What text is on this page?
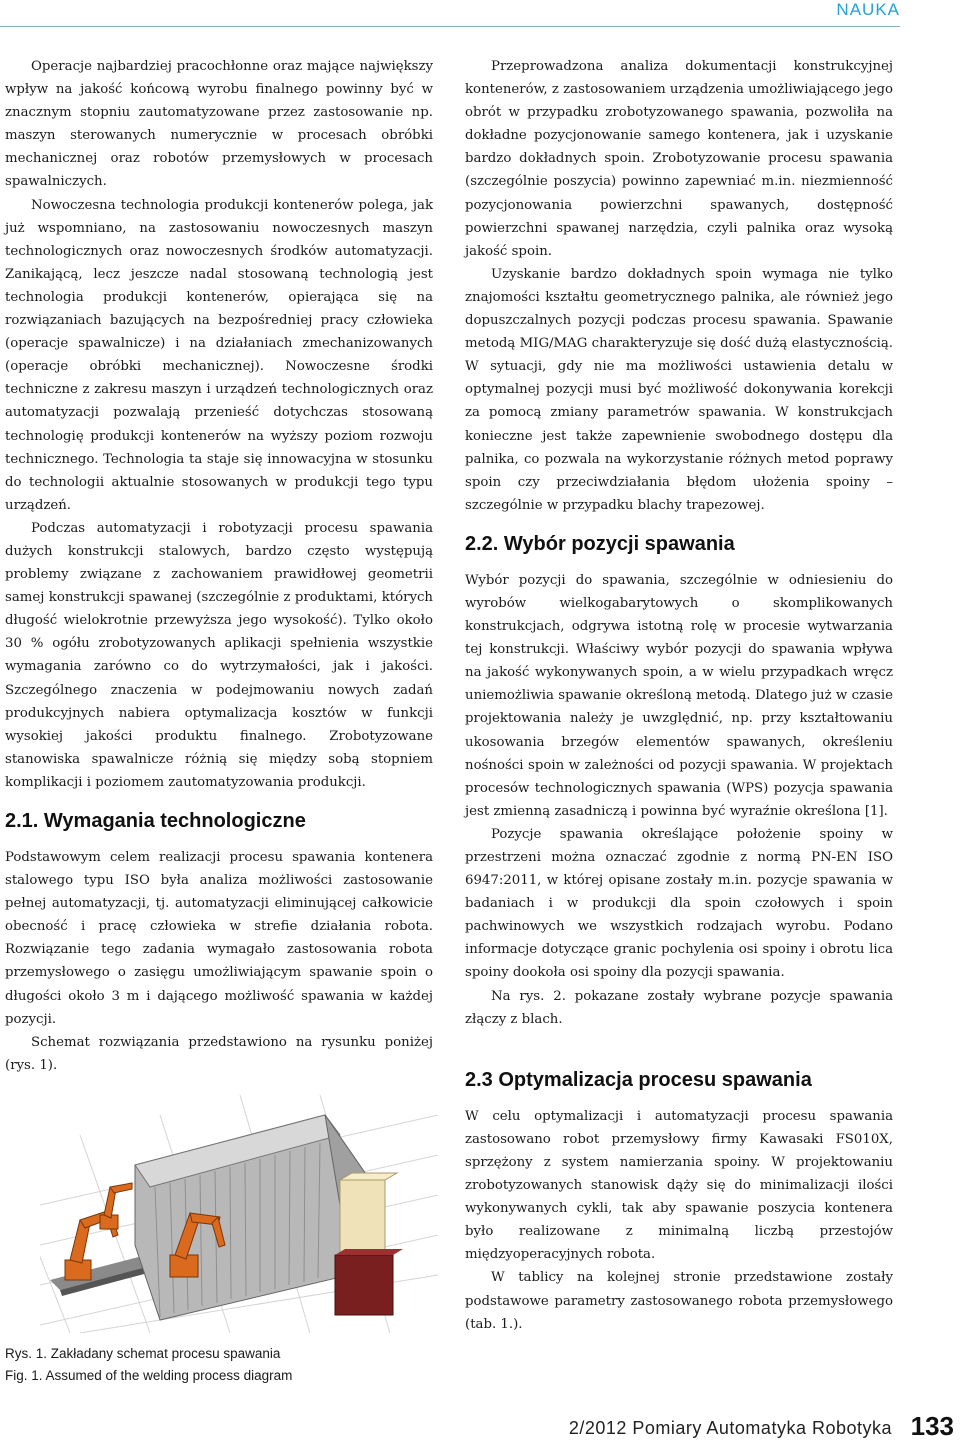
NAUKA

Operacje najbardziej pracochłonne oraz mające największy wpływ na jakość końcową wyrobu finalnego powinny być w znacznym stopniu zautomatyzowane przez zastosowanie np. maszyn sterowanych numerycznie w procesach obróbki mechanicznej oraz robotów przemysłowych w procesach spawalniczych.

Nowoczesna technologia produkcji kontenerów polega, jak już wspomniano, na zastosowaniu nowoczesnych maszyn technologicznych oraz nowoczesnych środków automatyzacji. Zanikającą, lecz jeszcze nadal stosowaną technologią jest technologia produkcji kontenerów, opierająca się na rozwiązaniach bazujących na bezpośredniej pracy człowieka (operacje spawalnicze) i na działaniach zmechanizowanych (operacje obróbki mechanicznej). Nowoczesne środki techniczne z zakresu maszyn i urządzeń technologicznych oraz automatyzacji pozwalają przenieść dotychczas stosowaną technologię produkcji kontenerów na wyższy poziom rozwoju technicznego. Technologia ta staje się innowacyjna w stosunku do technologii aktualnie stosowanych w produkcji tego typu urządzeń.

Podczas automatyzacji i robotyzacji procesu spawania dużych konstrukcji stalowych, bardzo często występują problemy związane z zachowaniem prawidłowej geometrii samej konstrukcji spawanej (szczególnie z produktami, których długość wielokrotnie przewyższa jego wysokość). Tylko około 30 % ogółu zrobotyzowanych aplikacji spełnienia wszystkie wymagania zarówno co do wytrzymałości, jak i jakości. Szczególnego znaczenia w podejmowaniu nowych zadań produkcyjnych nabiera optymalizacja kosztów w funkcji wysokiej jakości produktu finalnego. Zrobotyzowane stanowiska spawalnicze różnią się między sobą stopniem komplikacji i poziomem zautomatyzowania produkcji.

2.1. Wymagania technologiczne

Podstawowym celem realizacji procesu spawania kontenera stalowego typu ISO była analiza możliwości zastosowanie pełnej automatyzacji, tj. automatyzacji eliminującej całkowicie obecność i pracę człowieka w strefie działania robota. Rozwiązanie tego zadania wymagało zastosowania robota przemysłowego o zasięgu umożliwiającym spawanie spoin o długości około 3 m i dającego możliwość spawania w każdej pozycji.

Schemat rozwiązania przedstawiono na rysunku poniżej (rys. 1).

Rys. 1. Zakładany schemat procesu spawania
Fig. 1. Assumed of the welding process diagram

Przeprowadzona analiza dokumentacji konstrukcyjnej kontenerów, z zastosowaniem urządzenia umożliwiającego jego obrót w przypadku zrobotyzowanego spawania, pozwoliła na dokładne pozycjonowanie samego kontenera, jak i uzyskanie bardzo dokładnych spoin. Zrobotyzowanie procesu spawania (szczególnie poszycia) powinno zapewniać m.in. niezmienność pozycjonowania powierzchni spawanych, dostępność powierzchni spawanej narzędzia, czyli palnika oraz wysoką jakość spoin.

Uzyskanie bardzo dokładnych spoin wymaga nie tylko znajomości kształtu geometrycznego palnika, ale również jego dopuszczalnych pozycji podczas procesu spawania. Spawanie metodą MIG/MAG charakteryzuje się dość dużą elastycznością. W sytuacji, gdy nie ma możliwości ustawienia detalu w optymalnej pozycji musi być możliwość dokonywania korekcji za pomocą zmiany parametrów spawania. W konstrukcjach konieczne jest także zapewnienie swobodnego dostępu dla palnika, co pozwala na wykorzystanie różnych metod poprawy spoin czy przeciwdziałania błędom ułożenia spoiny – szczególnie w przypadku blachy trapezowej.

2.2. Wybór pozycji spawania

Wybór pozycji do spawania, szczególnie w odniesieniu do wyrobów wielkogabarytowych o skomplikowanych konstrukcjach, odgrywa istotną rolę w procesie wytwarzania tej konstrukcji. Właściwy wybór pozycji do spawania wpływa na jakość wykonywanych spoin, a w wielu przypadkach wręcz uniemożliwia spawanie określoną metodą. Dlatego już w czasie projektowania należy je uwzględnić, np. przy kształtowaniu ukosowania brzegów elementów spawanych, określeniu nośności spoin w zależności od pozycji spawania. W projektach procesów technologicznych spawania (WPS) pozycja spawania jest zmienną zasadniczą i powinna być wyraźnie określona [1].

Pozycje spawania określające położenie spoiny w przestrzeni można oznaczać zgodnie z normą PN-EN ISO 6947:2011, w której opisane zostały m.in. pozycje spawania w badaniach i w produkcji dla spoin czołowych i spoin pachwinowych we wszystkich rodzajach wyrobu. Podano informacje dotyczące granic pochylenia osi spoiny i obrotu lica spoiny dookoła osi spoiny dla pozycji spawania.

Na rys. 2. pokazane zostały wybrane pozycje spawania złączy z blach.

2.3 Optymalizacja procesu spawania

W celu optymalizacji i automatyzacji procesu spawania zastosowano robot przemysłowy firmy Kawasaki FS010X, sprzężony z system namierzania spoiny. W projektowaniu zrobotyzowanych stanowisk dąży się do minimalizacji ilości wykonywanych cykli, tak aby spawanie poszycia kontenera było realizowane z minimalną liczbą przestojów międzyoperacyjnych robota.

W tablicy na kolejnej stronie przedstawione zostały podstawowe parametry zastosowanego robota przemysłowego (tab. 1.).

2/2012 Pomiary Automatyka Robotyka 133
